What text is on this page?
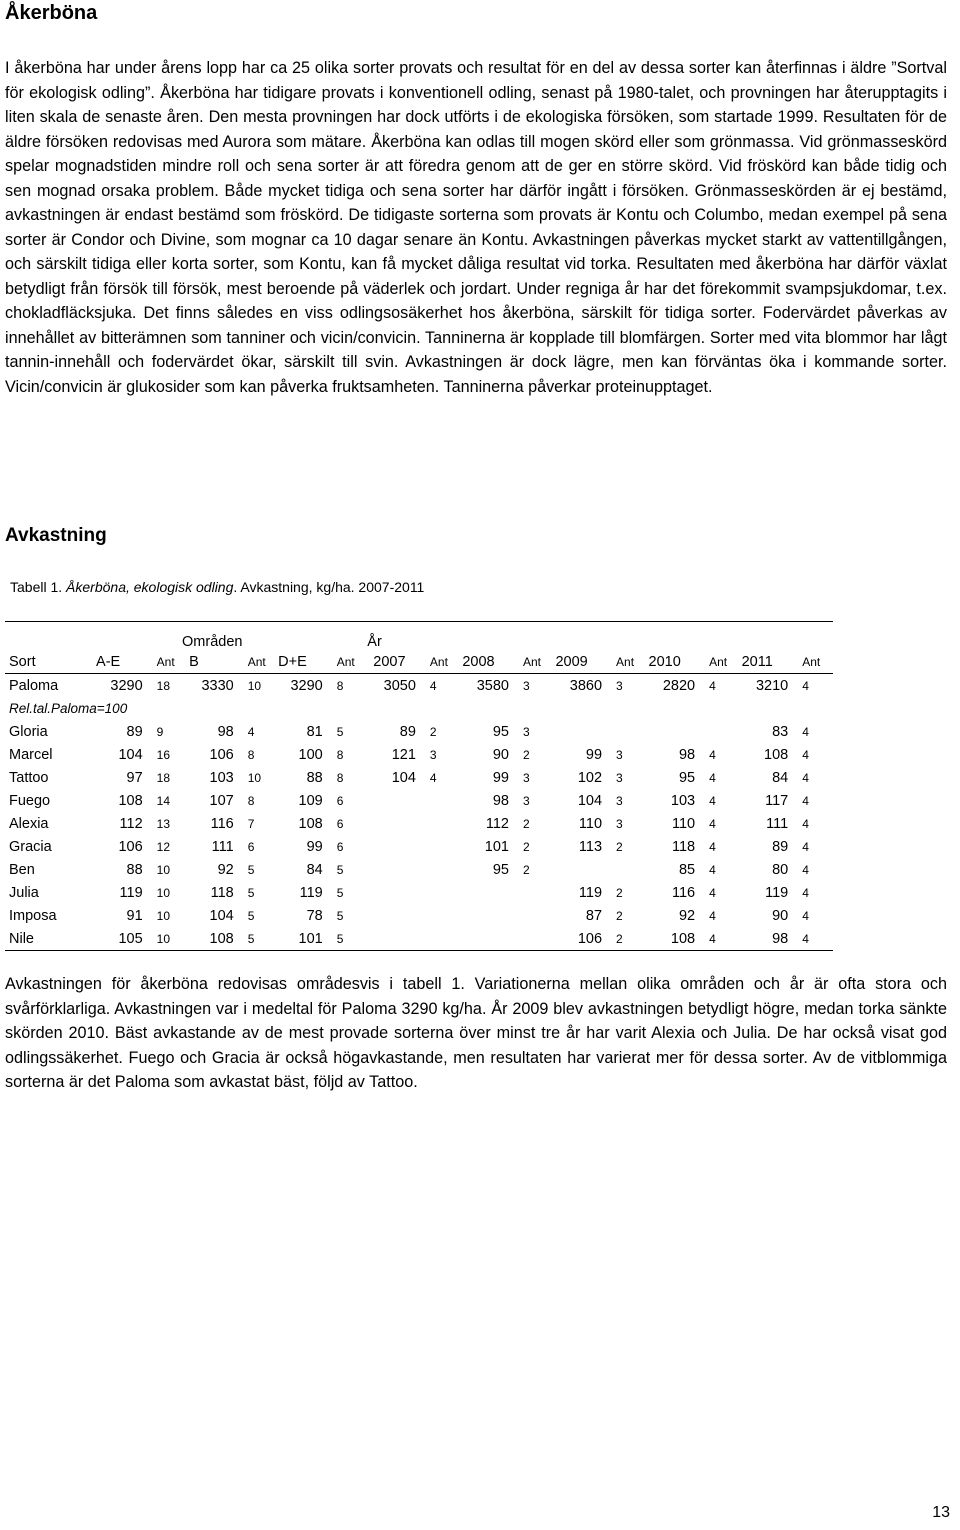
Åkerböna

I åkerböna har under årens lopp har ca 25 olika sorter provats och resultat för en del av dessa sorter kan återfinnas i äldre ”Sortval för ekologisk odling”. Åkerböna har tidigare provats i konventionell odling, senast på 1980-talet, och provningen har återupptagits i liten skala de senaste åren. Den mesta provningen har dock utförts i de ekologiska försöken, som startade 1999. Resultaten för de äldre försöken redovisas med Aurora som mätare. Åkerböna kan odlas till mogen skörd eller som grönmassa. Vid grönmasseskörd spelar mognadstiden mindre roll och sena sorter är att föredra genom att de ger en större skörd. Vid fröskörd kan både tidig och sen mognad orsaka problem. Både mycket tidiga och sena sorter har därför ingått i försöken. Grönmasseskörden är ej bestämd, avkastningen är endast bestämd som fröskörd. De tidigaste sorterna som provats är Kontu och Columbo, medan exempel på sena sorter är Condor och Divine, som mognar ca 10 dagar senare än Kontu. Avkastningen påverkas mycket starkt av vattentillgången, och särskilt tidiga eller korta sorter, som Kontu, kan få mycket dåliga resultat vid torka. Resultaten med åkerböna har därför växlat betydligt från försök till försök, mest beroende på väderlek och jordart. Under regniga år har det förekommit svampsjukdomar, t.ex. chokladfläcksjuka. Det finns således en viss odlingsosäkerhet hos åkerböna, särskilt för tidiga sorter. Fodervärdet påverkas av innehållet av bitterämnen som tanniner och vicin/convicin. Tanninerna är kopplade till blomfärgen. Sorter med vita blommor har lågt tannin-innehåll och fodervärdet ökar, särskilt till svin. Avkastningen är dock lägre, men kan förväntas öka i kommande sorter. Vicin/convicin är glukosider som kan påverka fruktsamheten. Tanninerna påverkar proteinupptaget.

Avkastning
Tabell 1. Åkerböna, ekologisk odling. Avkastning, kg/ha. 2007-2011
	Områden						År									
Sort	A-E	Ant	B	Ant	D+E	Ant	2007	Ant	2008	Ant	2009	Ant	2010	Ant	2011	Ant
Paloma	3290	18	3330	10	3290	8	3050	4	3580	3	3860	3	2820	4	3210	4
Rel.tal.Paloma=100																
Gloria	89	9	98	4	81	5	89	2	95	3					83	4
Marcel	104	16	106	8	100	8	121	3	90	2	99	3	98	4	108	4
Tattoo	97	18	103	10	88	8	104	4	99	3	102	3	95	4	84	4
Fuego	108	14	107	8	109	6			98	3	104	3	103	4	117	4
Alexia	112	13	116	7	108	6			112	2	110	3	110	4	111	4
Gracia	106	12	111	6	99	6			101	2	113	2	118	4	89	4
Ben	88	10	92	5	84	5			95	2			85	4	80	4
Julia	119	10	118	5	119	5					119	2	116	4	119	4
Imposa	91	10	104	5	78	5					87	2	92	4	90	4
Nile	105	10	108	5	101	5					106	2	108	4	98	4

Avkastningen för åkerböna redovisas områdesvis i tabell 1. Variationerna mellan olika områden och år är ofta stora och svårförklarliga. Avkastningen var i medeltal för Paloma 3290 kg/ha. År 2009 blev avkastningen betydligt högre, medan torka sänkte skörden 2010. Bäst avkastande av de mest provade sorterna över minst tre år har varit Alexia och Julia. De har också visat god odlingssäkerhet. Fuego och Gracia är också högavkastande, men resultaten har varierat mer för dessa sorter. Av de vitblommiga sorterna är det Paloma som avkastat bäst, följd av Tattoo.

13
